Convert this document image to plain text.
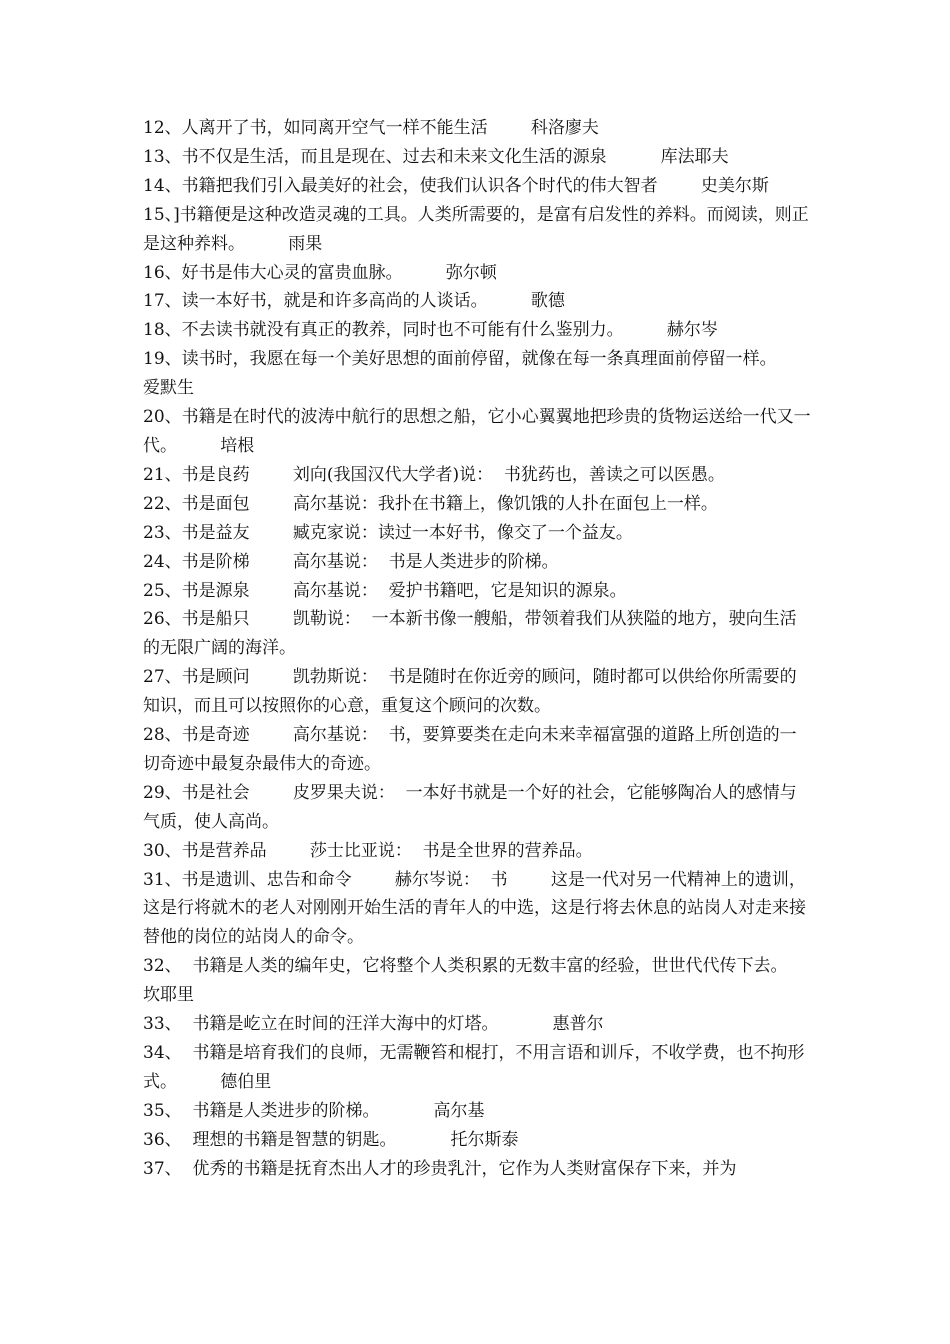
12、人离开了书，如同离开空气一样不能生活        科洛廖夫

13、书不仅是生活，而且是现在、过去和未来文化生活的源泉          库法耶夫

14、书籍把我们引入最美好的社会，使我们认识各个时代的伟大智者        史美尔斯

15、]书籍便是这种改造灵魂的工具。人类所需要的，是富有启发性的养料。而阅读，则正是这种养料。        雨果

16、好书是伟大心灵的富贵血脉。        弥尔顿

17、读一本好书，就是和许多高尚的人谈话。        歌德

18、不去读书就没有真正的教养，同时也不可能有什么鉴别力。        赫尔岑

19、读书时，我愿在每一个美好思想的面前停留，就像在每一条真理面前停留一样。        爱默生

20、书籍是在时代的波涛中航行的思想之船，它小心翼翼地把珍贵的货物运送给一代又一代。        培根

21、书是良药        刘向(我国汉代大学者)说：  书犹药也，善读之可以医愚。

22、书是面包        高尔基说：我扑在书籍上，像饥饿的人扑在面包上一样。

23、书是益友        臧克家说：读过一本好书，像交了一个益友。

24、书是阶梯        高尔基说：  书是人类进步的阶梯。

25、书是源泉        高尔基说：  爱护书籍吧，它是知识的源泉。

26、书是船只        凯勒说：  一本新书像一艘船，带领着我们从狭隘的地方，驶向生活的无限广阔的海洋。

27、书是顾问        凯勃斯说：  书是随时在你近旁的顾问，随时都可以供给你所需要的知识，而且可以按照你的心意，重复这个顾问的次数。

28、书是奇迹        高尔基说：  书，要算要类在走向未来幸福富强的道路上所创造的一切奇迹中最复杂最伟大的奇迹。

29、书是社会        皮罗果夫说：  一本好书就是一个好的社会，它能够陶冶人的感情与气质，使人高尚。

30、书是营养品        莎士比亚说：  书是全世界的营养品。

31、书是遗训、忠告和命令        赫尔岑说：  书        这是一代对另一代精神上的遗训，这是行将就木的老人对刚刚开始生活的青年人的中选，这是行将去休息的站岗人对走来接替他的岗位的站岗人的命令。

32、  书籍是人类的编年史，它将整个人类积累的无数丰富的经验，世世代代传下去。        坎耶里

33、  书籍是屹立在时间的汪洋大海中的灯塔。          惠普尔

34、  书籍是培育我们的良师，无需鞭笞和棍打，不用言语和训斥，不收学费，也不拘形式。        德伯里

35、  书籍是人类进步的阶梯。          高尔基

36、  理想的书籍是智慧的钥匙。          托尔斯泰

37、  优秀的书籍是抚育杰出人才的珍贵乳汁，它作为人类财富保存下来，并为
